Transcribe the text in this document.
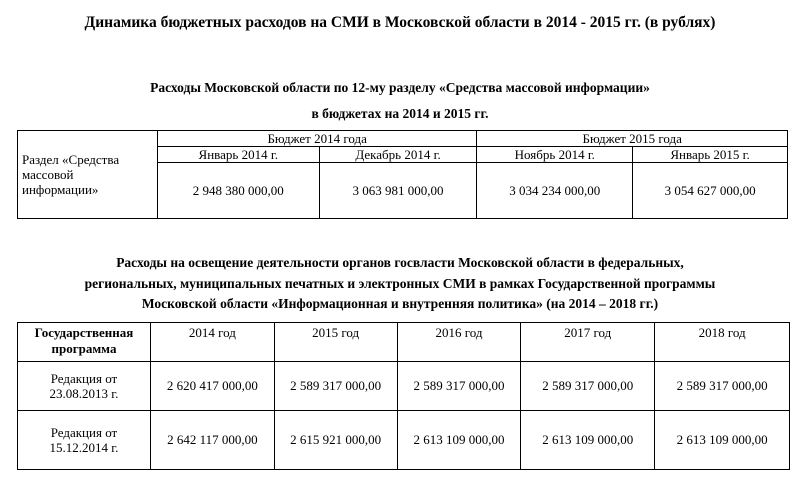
Динамика бюджетных расходов на СМИ в Московской области в 2014 - 2015 гг. (в рублях)
Расходы Московской области по 12-му разделу «Средства массовой информации»
в бюджетах на 2014 и 2015 гг.
Раздел «Средства массовой информации»	Бюджет 2014 года		Бюджет 2015 года	
	Январь 2014 г.	Декабрь 2014 г.	Ноябрь 2014 г.	Январь 2015 г.
	2 948 380 000,00	3 063 981 000,00	3 034 234 000,00	3 054 627 000,00
Расходы на освещение деятельности органов госвласти Московской области в федеральных,
региональных, муниципальных печатных и электронных СМИ в рамках Государственной программы
Московской области «Информационная и внутренняя политика» (на 2014 – 2018 гг.)
Государственная программа	2014 год	2015 год	2016 год	2017 год	2018 год
Редакция от 23.08.2013 г.	2 620 417 000,00	2 589 317 000,00	2 589 317 000,00	2 589 317 000,00	2 589 317 000,00
Редакция от 15.12.2014 г.	2 642 117 000,00	2 615 921 000,00	2 613 109 000,00	2 613 109 000,00	2 613 109 000,00
